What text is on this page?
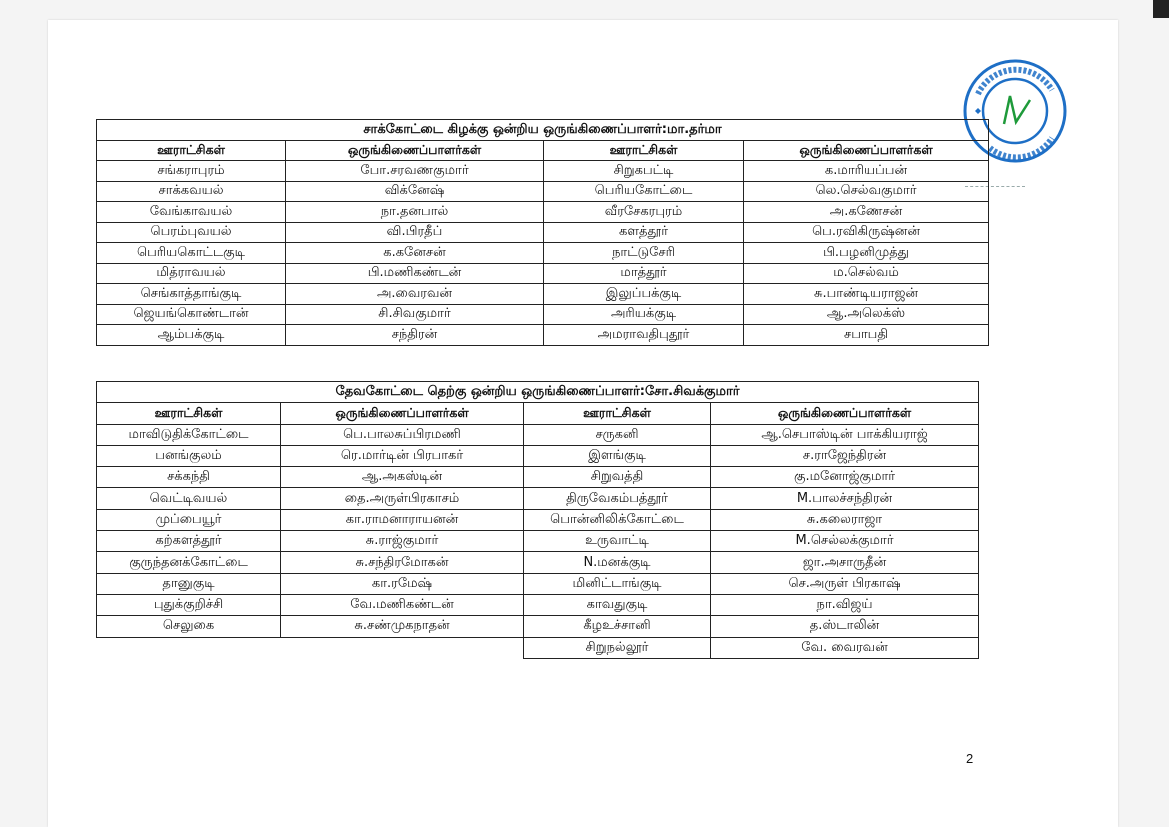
சாக்கோட்டை கிழக்கு ஒன்றிய ஒருங்கிணைப்பாளர்:மா.தர்மா			
ஊராட்சிகள்	ஒருங்கிணைப்பாளர்கள்	ஊராட்சிகள்	ஒருங்கிணைப்பாளர்கள்
சங்கராபுரம்	போ.சரவணகுமார்	சிறுகபட்டி	க.மாரியப்பன்
சாக்கவயல்	விக்னேஷ்	பெரியகோட்டை	லெ.செல்வகுமார்
வேங்காவயல்	நா.தனபால்	வீரசேகரபுரம்	அ.கணேசன்
பெரம்புவயல்	வி.பிரதீப்	களத்தூர்	பெ.ரவிகிருஷ்னன்
பெரியகொட்டகுடி	க.கனேசன்	நாட்டுசேரி	பி.பழனிமுத்து
மித்ராவயல்	பி.மணிகண்டன்	மாத்தூர்	ம.செல்வம்
செங்காத்தாங்குடி	அ.வைரவன்	இலுப்பக்குடி	சு.பாண்டியராஜன்
ஜெயங்கொண்டான்	சி.சிவகுமார்	அரியக்குடி	ஆ.அலெக்ஸ்
ஆம்பக்குடி	சந்திரன்	அமராவதிபுதூர்	சபாபதி
தேவகோட்டை தெற்கு ஒன்றிய ஒருங்கிணைப்பாளர்:சோ.சிவக்குமார்			
ஊராட்சிகள்	ஒருங்கிணைப்பாளர்கள்	ஊராட்சிகள்	ஒருங்கிணைப்பாளர்கள்
மாவிடுதிக்கோட்டை	பெ.பாலசுப்பிரமணி	சருகனி	ஆ.செபாஸ்டின் பாக்கியராஜ்
பனங்குலம்	ரெ.மார்டின் பிரபாகர்	இளங்குடி	ச.ராஜேந்திரன்
சக்கந்தி	ஆ.அகஸ்டின்	சிறுவத்தி	கு.மனோஜ்குமார்
வெட்டிவயல்	தை.அருள்பிரகாசம்	திருவேகம்பத்தூர்	M.பாலச்சந்திரன்
முப்பையூர்	கா.ராமனாராயனன்	பொன்னிலிக்கோட்டை	சு.கலைராஜா
கற்களத்தூர்	சு.ராஜ்குமார்	உருவாட்டி	M.செல்லக்குமார்
குருந்தனக்கோட்டை	சு.சந்திரமோகன்	N.மனக்குடி	ஜா.அசாருதீன்
தானுகுடி	கா.ரமேஷ்	மினிட்டாங்குடி	செ.அருள் பிரகாஷ்
புதுக்குறிச்சி	வே.மணிகண்டன்	காவதுகுடி	நா.விஜய்
செலுகை	சு.சண்முகநாதன்	கீழஉச்சானி	த.ஸ்டாலின்
		சிறுநல்லூர்	வே. வைரவன்
2
